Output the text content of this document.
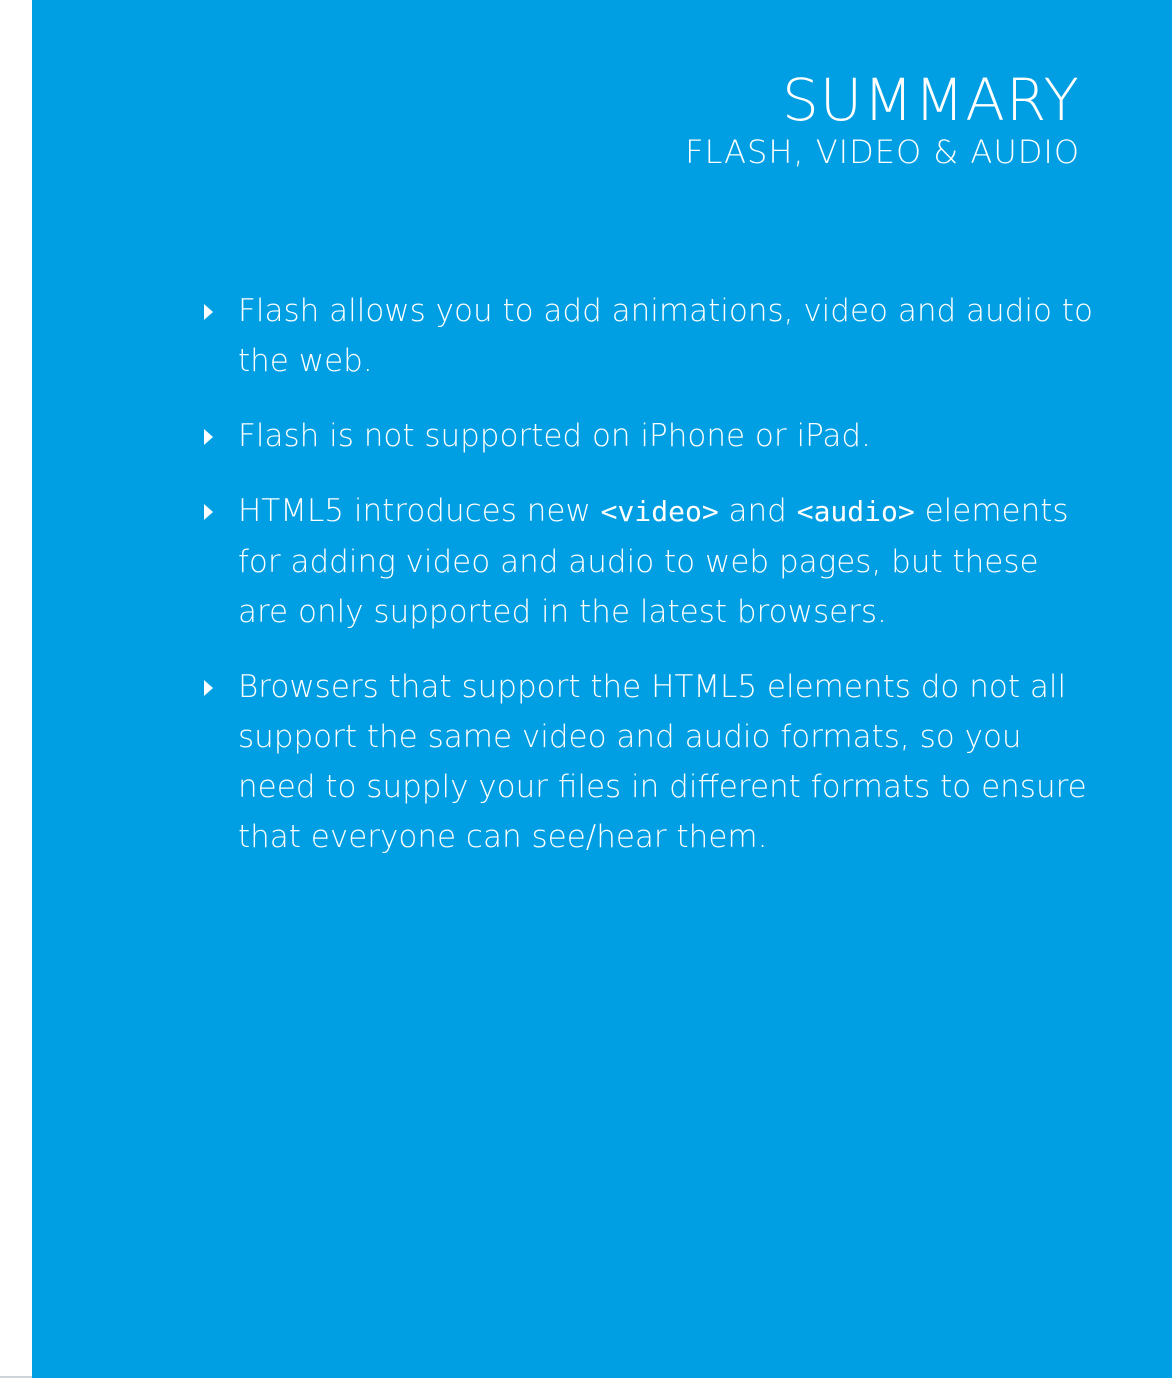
SUMMARY
FLASH, VIDEO & AUDIO
Flash allows you to add animations, video and audio to the web.
Flash is not supported on iPhone or iPad.
HTML5 introduces new <video> and <audio> elements for adding video and audio to web pages, but these are only supported in the latest browsers.
Browsers that support the HTML5 elements do not all support the same video and audio formats, so you need to supply your files in different formats to ensure that everyone can see/hear them.
